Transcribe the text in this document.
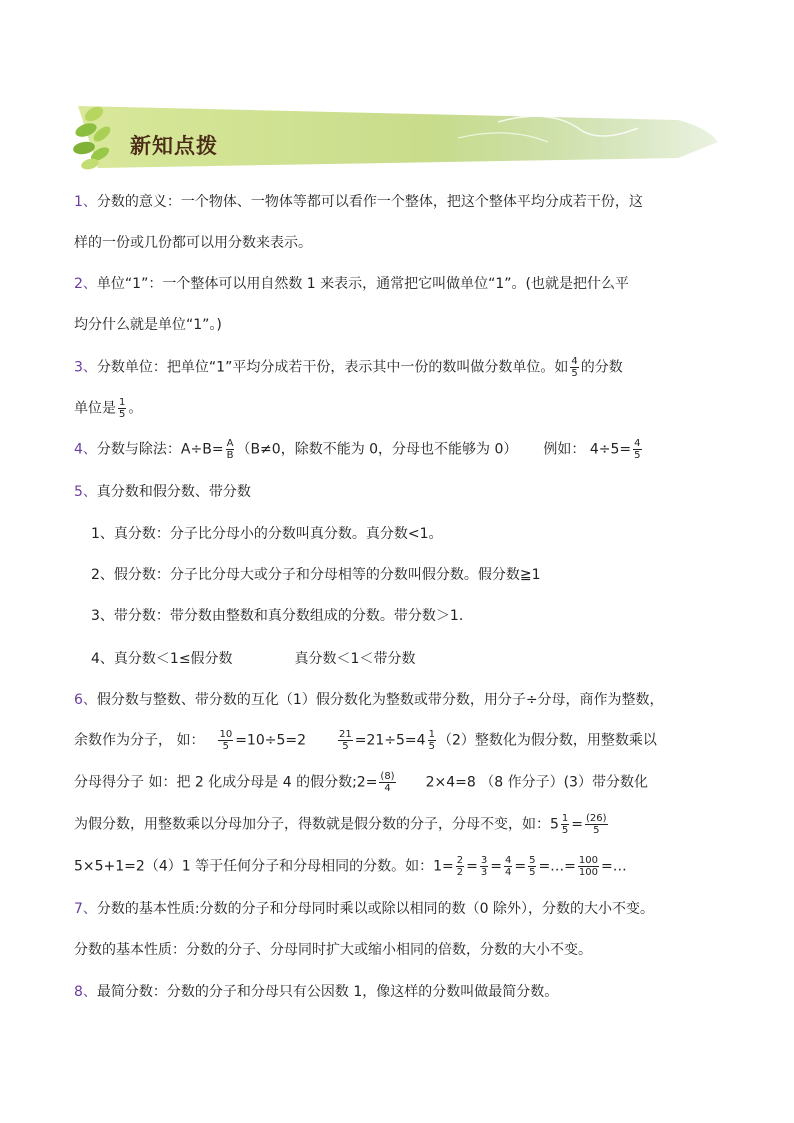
新知点拨
1、分数的意义：一个物体、一物体等都可以看作一个整体，把这个整体平均分成若干份，这
样的一份或几份都可以用分数来表示。
2、单位“1”：一个整体可以用自然数 1 来表示，通常把它叫做单位“1”。(也就是把什么平
均分什么就是单位“1”。)
3、分数单位：把单位“1”平均分成若干份，表示其中一份的数叫做分数单位。如 $\frac{4}{5}$ 的分数
单位是 $\frac{1}{5}$ 。
4、分数与除法：$A\div B= \frac{A}{B} (B\ne 0$，除数不能为 0，分母也不能够为 0） 例如： $4\div 5= \frac{4}{5}$
5、真分数和假分数、带分数
1、真分数：分子比分母小的分数叫真分数。真分数<1。
2、假分数：分子比分母大或分子和分母相等的分数叫假分数。假分数≧1
3、带分数：带分数由整数和真分数组成的分数。带分数＞1.
4、真分数＜1≤假分数	真分数＜1＜带分数
6、假分数与整数、带分数的互化（1）假分数化为整数或带分数，用分子÷分母，商作为整数，
余数作为分子， 如： $\frac{10}{5} =10\div 5=2$	$\frac{21}{5} =21\div 5=4 \frac{1}{5} (2)$整数化为假分数，用整数乘以
分母得分子 如：把 2 化成分母是 4 的假分数;2= $\frac{(8)}{4} 2\times 4=8$ （8 作分子）(3）带分数化
为假分数，用整数乘以分母加分子，得数就是假分数的分子，分母不变，如：$5 \frac{1}{5} = \frac{(26)}{5}$
5×5+1=2（4）1 等于任何分子和分母相同的分数。如：$1= \frac{2}{2} = \frac{3}{3} = \frac{4}{4} = \frac{5}{5}$ =…= $\frac{100}{100}$ =…
7、分数的基本性质:分数的分子和分母同时乘以或除以相同的数（0 除外），分数的大小不变。
分数的基本性质：分数的分子、分母同时扩大或缩小相同的倍数，分数的大小不变。
8、最简分数：分数的分子和分母只有公因数 1，像这样的分数叫做最简分数。
